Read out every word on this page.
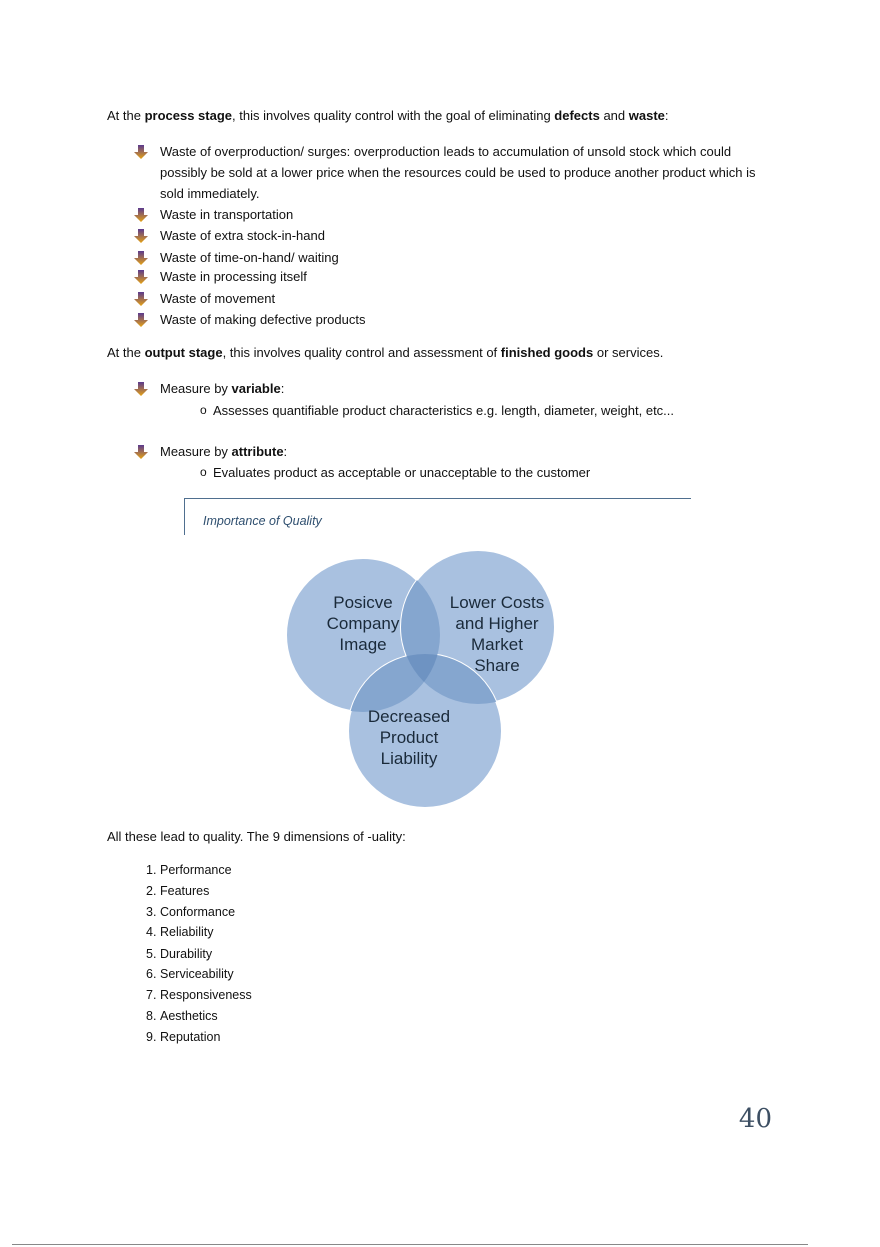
At the process stage, this involves quality control with the goal of eliminating defects and waste:
Waste of overproduction/ surges: overproduction leads to accumulation of unsold stock which could possibly be sold at a lower price when the resources could be used to produce another product which is sold immediately.
Waste in transportation
Waste of extra stock-in-hand
Waste of time-on-hand/ waiting
Waste in processing itself
Waste of movement
Waste of making defective products
At the output stage, this involves quality control and assessment of finished goods or services.
Measure by variable:
o Assesses quantifiable product characteristics e.g. length, diameter, weight, etc...
Measure by attribute:
o Evaluates product as acceptable or unacceptable to the customer
Importance of Quality
Posicve
Company
Image
Lower Costs
and Higher
Market
Share
Decreased
Product
Liability
All these lead to quality. The 9 dimensions of -uality:
1. Performance
2. Features
3. Conformance
4. Reliability
5. Durability
6. Serviceability
7. Responsiveness
8. Aesthetics
9. Reputation
40
